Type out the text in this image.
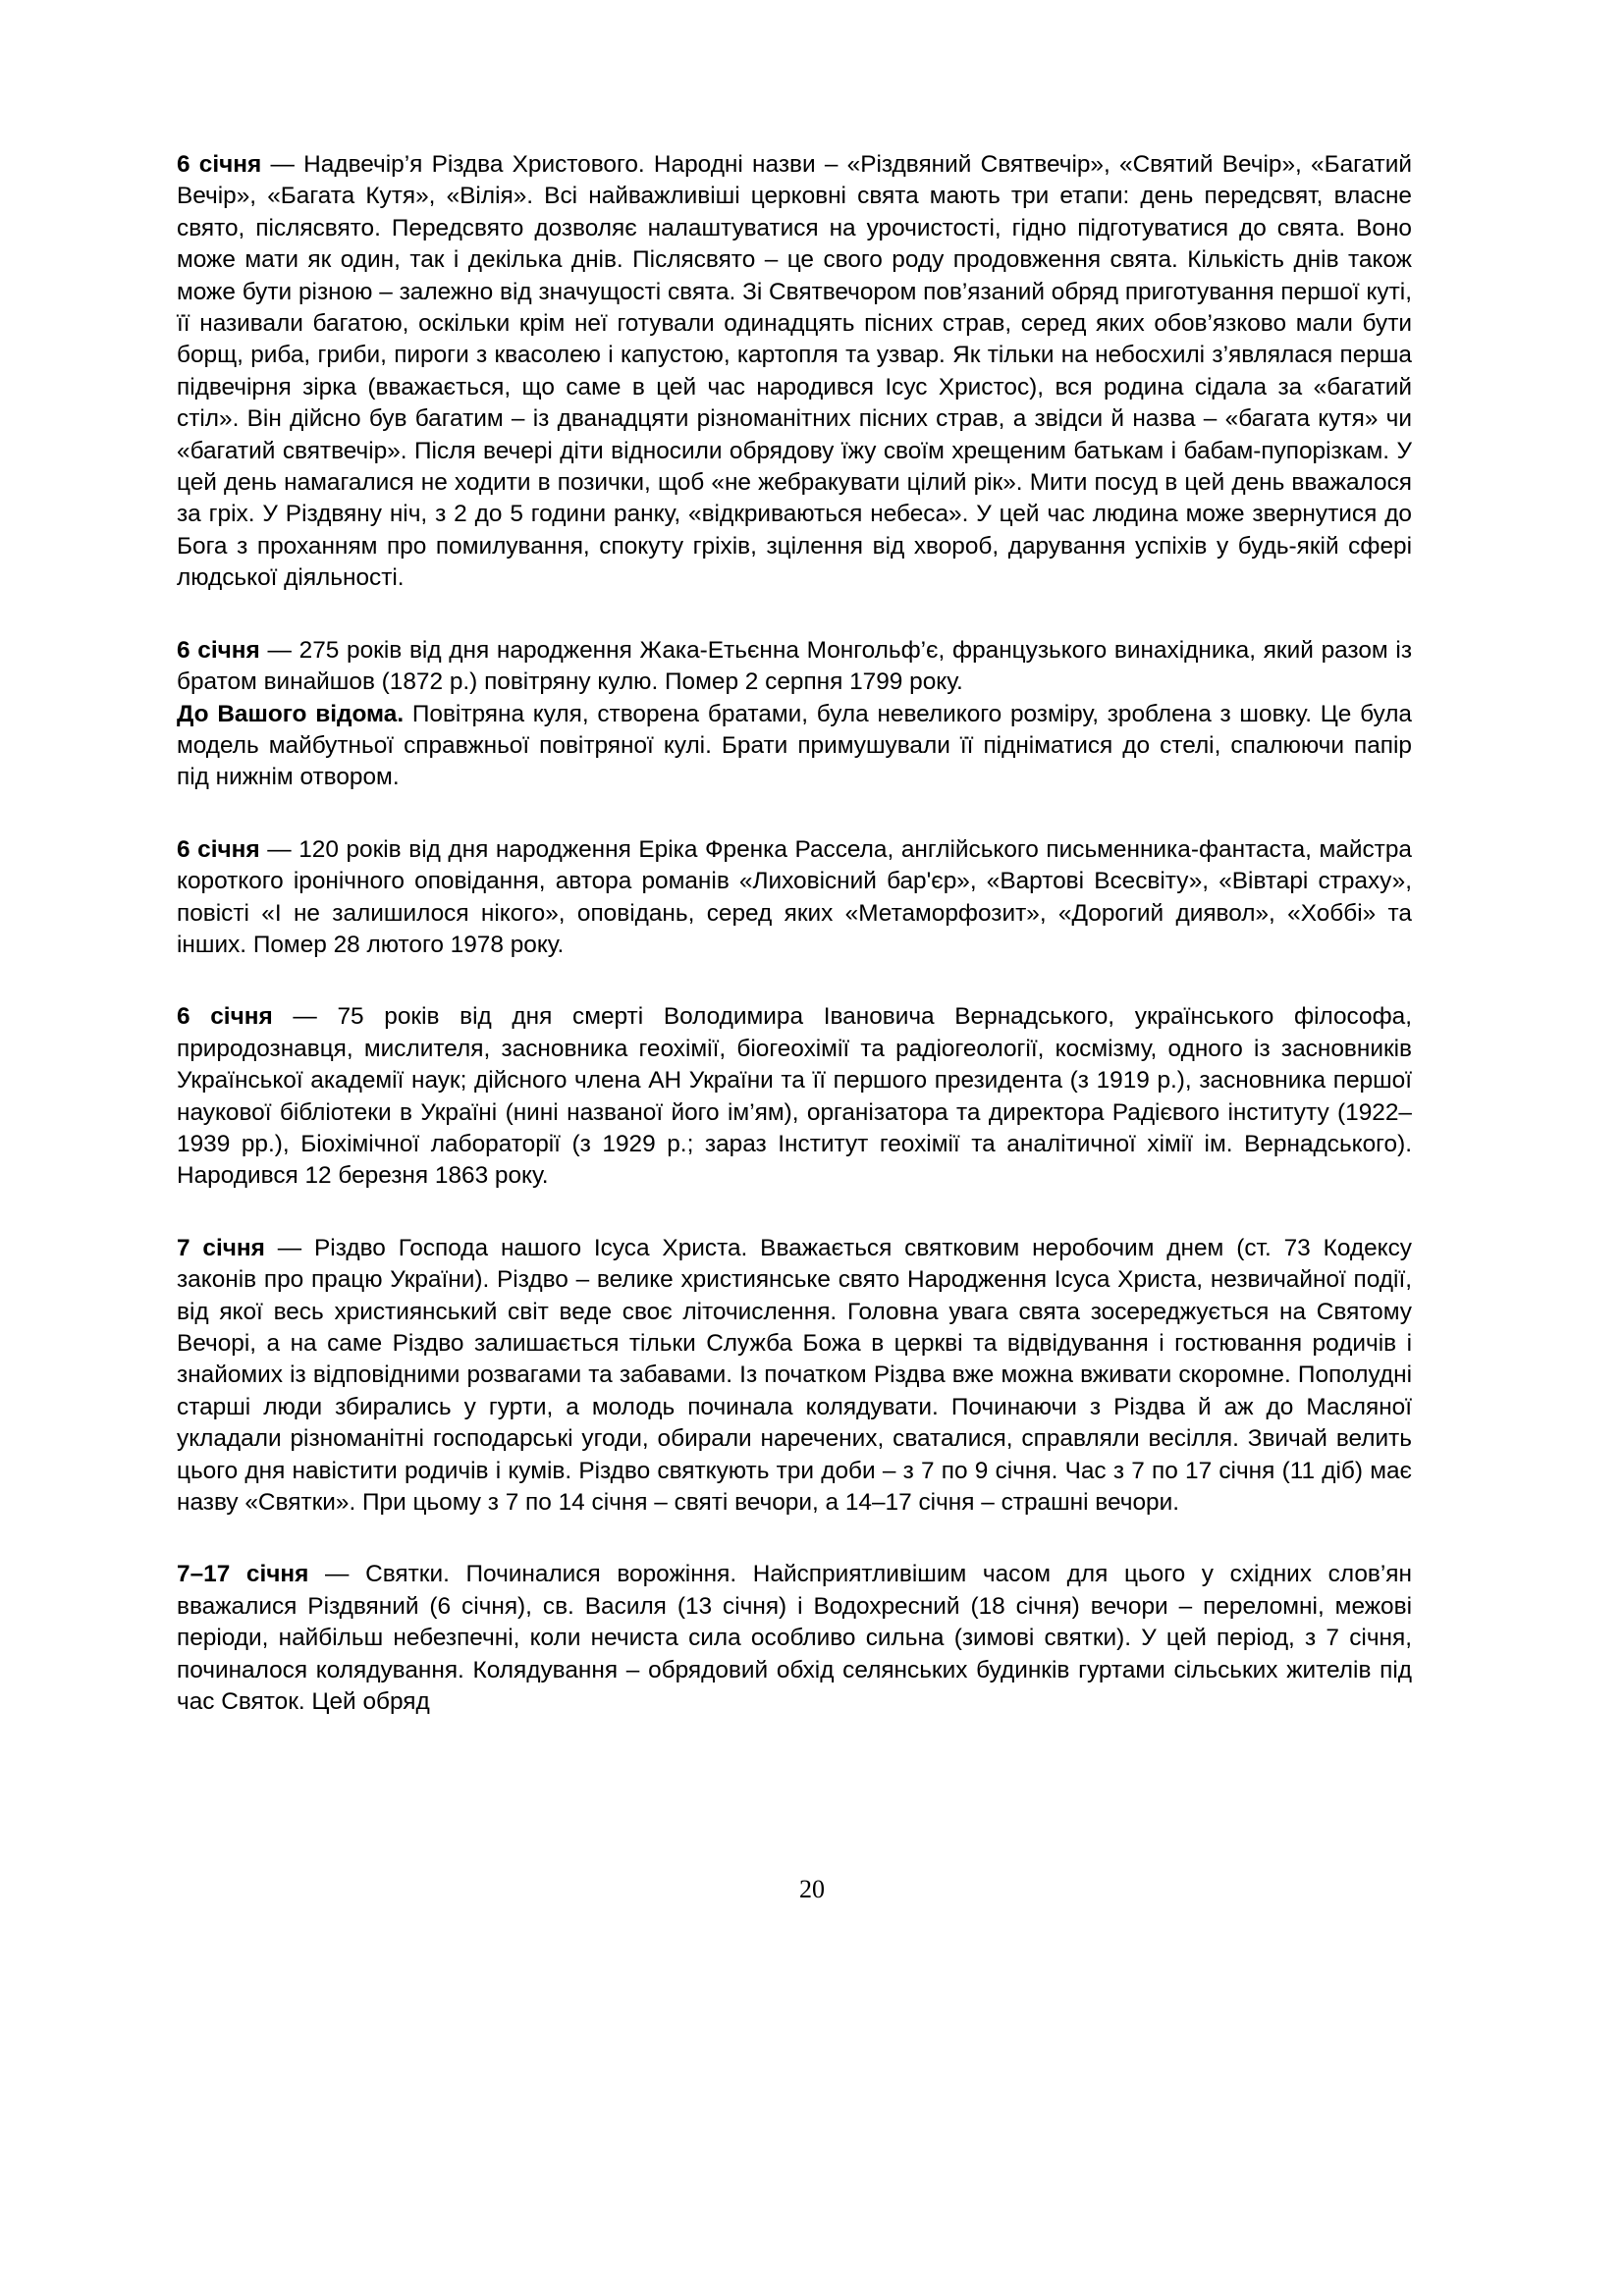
6 січня — Надвечір’я Різдва Христового. Народні назви – «Різдвяний Святвечір», «Святий Вечір», «Багатий Вечір», «Багата Кутя», «Вілія». Всі найважливіші церковні свята мають три етапи: день передсвят, власне свято, післясвято. Передсвято дозволяє налаштуватися на урочистості, гідно підготуватися до свята. Воно може мати як один, так і декілька днів. Післясвято – це свого роду продовження свята. Кількість днів також може бути різною – залежно від значущості свята. Зі Святвечором пов’язаний обряд приготування першої куті, її називали багатою, оскільки крім неї готували одинадцять пісних страв, серед яких обов’язково мали бути борщ, риба, гриби, пироги з квасолею і капустою, картопля та узвар. Як тільки на небосхилі з’являлася перша підвечірня зірка (вважається, що саме в цей час народився Ісус Христос), вся родина сідала за «багатий стіл». Він дійсно був багатим – із дванадцяти різноманітних пісних страв, а звідси й назва – «багата кутя» чи «багатий святвечір». Після вечері діти відносили обрядову їжу своїм хрещеним батькам і бабам-пупорізкам. У цей день намагалися не ходити в позички, щоб «не жебракувати цілий рік». Мити посуд в цей день вважалося за гріх. У Різдвяну ніч, з 2 до 5 години ранку, «відкриваються небеса». У цей час людина може звернутися до Бога з проханням про помилування, спокуту гріхів, зцілення від хвороб, дарування успіхів у будь-якій сфері людської діяльності.

6 січня — 275 років від дня народження Жака-Етьєнна Монгольф’є, французького винахідника, який разом із братом винайшов (1872 р.) повітряну кулю. Помер 2 серпня 1799 року.

До Вашого відома. Повітряна куля, створена братами, була невеликого розміру, зроблена з шовку. Це була модель майбутньої справжньої повітряної кулі. Брати примушували її підніматися до стелі, спалюючи папір під нижнім отвором.

6 січня — 120 років від дня народження Еріка Френка Рассела, англійського письменника-фантаста, майстра короткого іронічного оповідання, автора романів «Лиховісний бар'єр», «Вартові Всесвіту», «Вівтарі страху», повісті «І не залишилося нікого», оповідань, серед яких «Метаморфозит», «Дорогий диявол», «Хоббі» та інших. Помер 28 лютого 1978 року.

6 січня — 75 років від дня смерті Володимира Івановича Вернадського, українського філософа, природознавця, мислителя, засновника геохімії, біогеохімії та радіогеології, космізму, одного із засновників Української академії наук; дійсного члена АН України та її першого президента (з 1919 р.), засновника першої наукової бібліотеки в Україні (нині названої його ім’ям), організатора та директора Радієвого інституту (1922–1939 рр.), Біохімічної лабораторії (з 1929 р.; зараз Інститут геохімії та аналітичної хімії ім. Вернадського). Народився 12 березня 1863 року.

7 січня — Різдво Господа нашого Ісуса Христа. Вважається святковим неробочим днем (ст. 73 Кодексу законів про працю України). Різдво – велике християнське свято Народження Ісуса Христа, незвичайної події, від якої весь християнський світ веде своє літочислення. Головна увага свята зосереджується на Святому Вечорі, а на саме Різдво залишається тільки Служба Божа в церкві та відвідування і гостювання родичів і знайомих із відповідними розвагами та забавами. Із початком Різдва вже можна вживати скоромне. Пополудні старші люди збирались у гурти, а молодь починала колядувати. Починаючи з Різдва й аж до Масляної укладали різноманітні господарські угоди, обирали наречених, сваталися, справляли весілля. Звичай велить цього дня навістити родичів і кумів. Різдво святкують три доби – з 7 по 9 січня. Час з 7 по 17 січня (11 діб) має назву «Святки». При цьому з 7 по 14 січня – святі вечори, а 14–17 січня – страшні вечори.

7–17 січня — Святки. Починалися ворожіння. Найсприятливішим часом для цього у східних слов’ян вважалися Різдвяний (6 січня), св. Василя (13 січня) і Водохресний (18 січня) вечори – переломні, межові періоди, найбільш небезпечні, коли нечиста сила особливо сильна (зимові святки). У цей період, з 7 січня, починалося колядування. Колядування – обрядовий обхід селянських будинків гуртами сільських жителів під час Святок. Цей обряд

20
